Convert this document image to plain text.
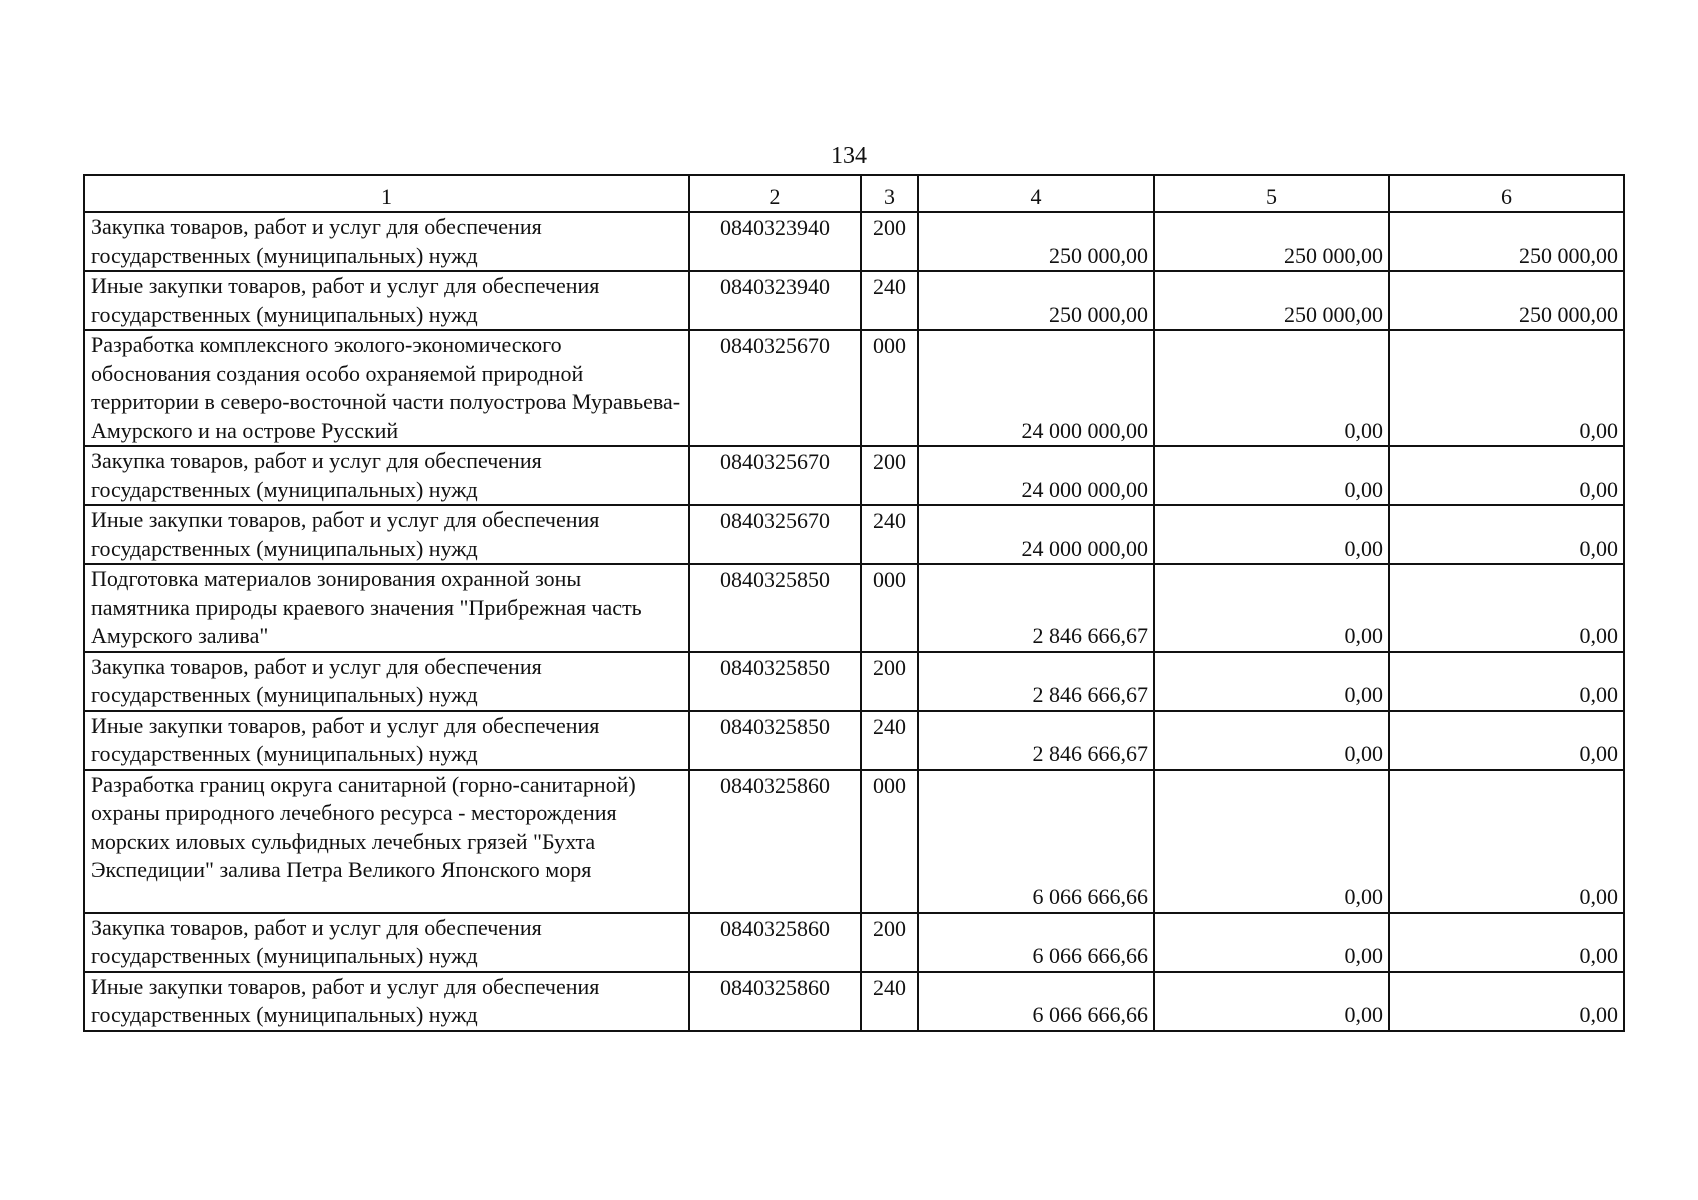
134
1	2	3	4	5	6
Закупка товаров, работ и услуг для обеспечения государственных (муниципальных) нужд	0840323940	200	250 000,00	250 000,00	250 000,00
Иные закупки товаров, работ и услуг для обеспечения государственных (муниципальных) нужд	0840323940	240	250 000,00	250 000,00	250 000,00
Разработка комплексного эколого-экономического обоснования создания особо охраняемой природной территории в северо-восточной части полуострова Муравьева-Амурского и на острове Русский	0840325670	000	24 000 000,00	0,00	0,00
Закупка товаров, работ и услуг для обеспечения государственных (муниципальных) нужд	0840325670	200	24 000 000,00	0,00	0,00
Иные закупки товаров, работ и услуг для обеспечения государственных (муниципальных) нужд	0840325670	240	24 000 000,00	0,00	0,00
Подготовка материалов зонирования охранной зоны памятника природы краевого значения "Прибрежная часть Амурского залива"	0840325850	000	2 846 666,67	0,00	0,00
Закупка товаров, работ и услуг для обеспечения государственных (муниципальных) нужд	0840325850	200	2 846 666,67	0,00	0,00
Иные закупки товаров, работ и услуг для обеспечения государственных (муниципальных) нужд	0840325850	240	2 846 666,67	0,00	0,00
Разработка границ округа санитарной (горно-санитарной) охраны природного лечебного ресурса - месторождения морских иловых сульфидных лечебных грязей "Бухта Экспедиции" залива Петра Великого Японского моря	0840325860	000	6 066 666,66	0,00	0,00
Закупка товаров, работ и услуг для обеспечения государственных (муниципальных) нужд	0840325860	200	6 066 666,66	0,00	0,00
Иные закупки товаров, работ и услуг для обеспечения государственных (муниципальных) нужд	0840325860	240	6 066 666,66	0,00	0,00
